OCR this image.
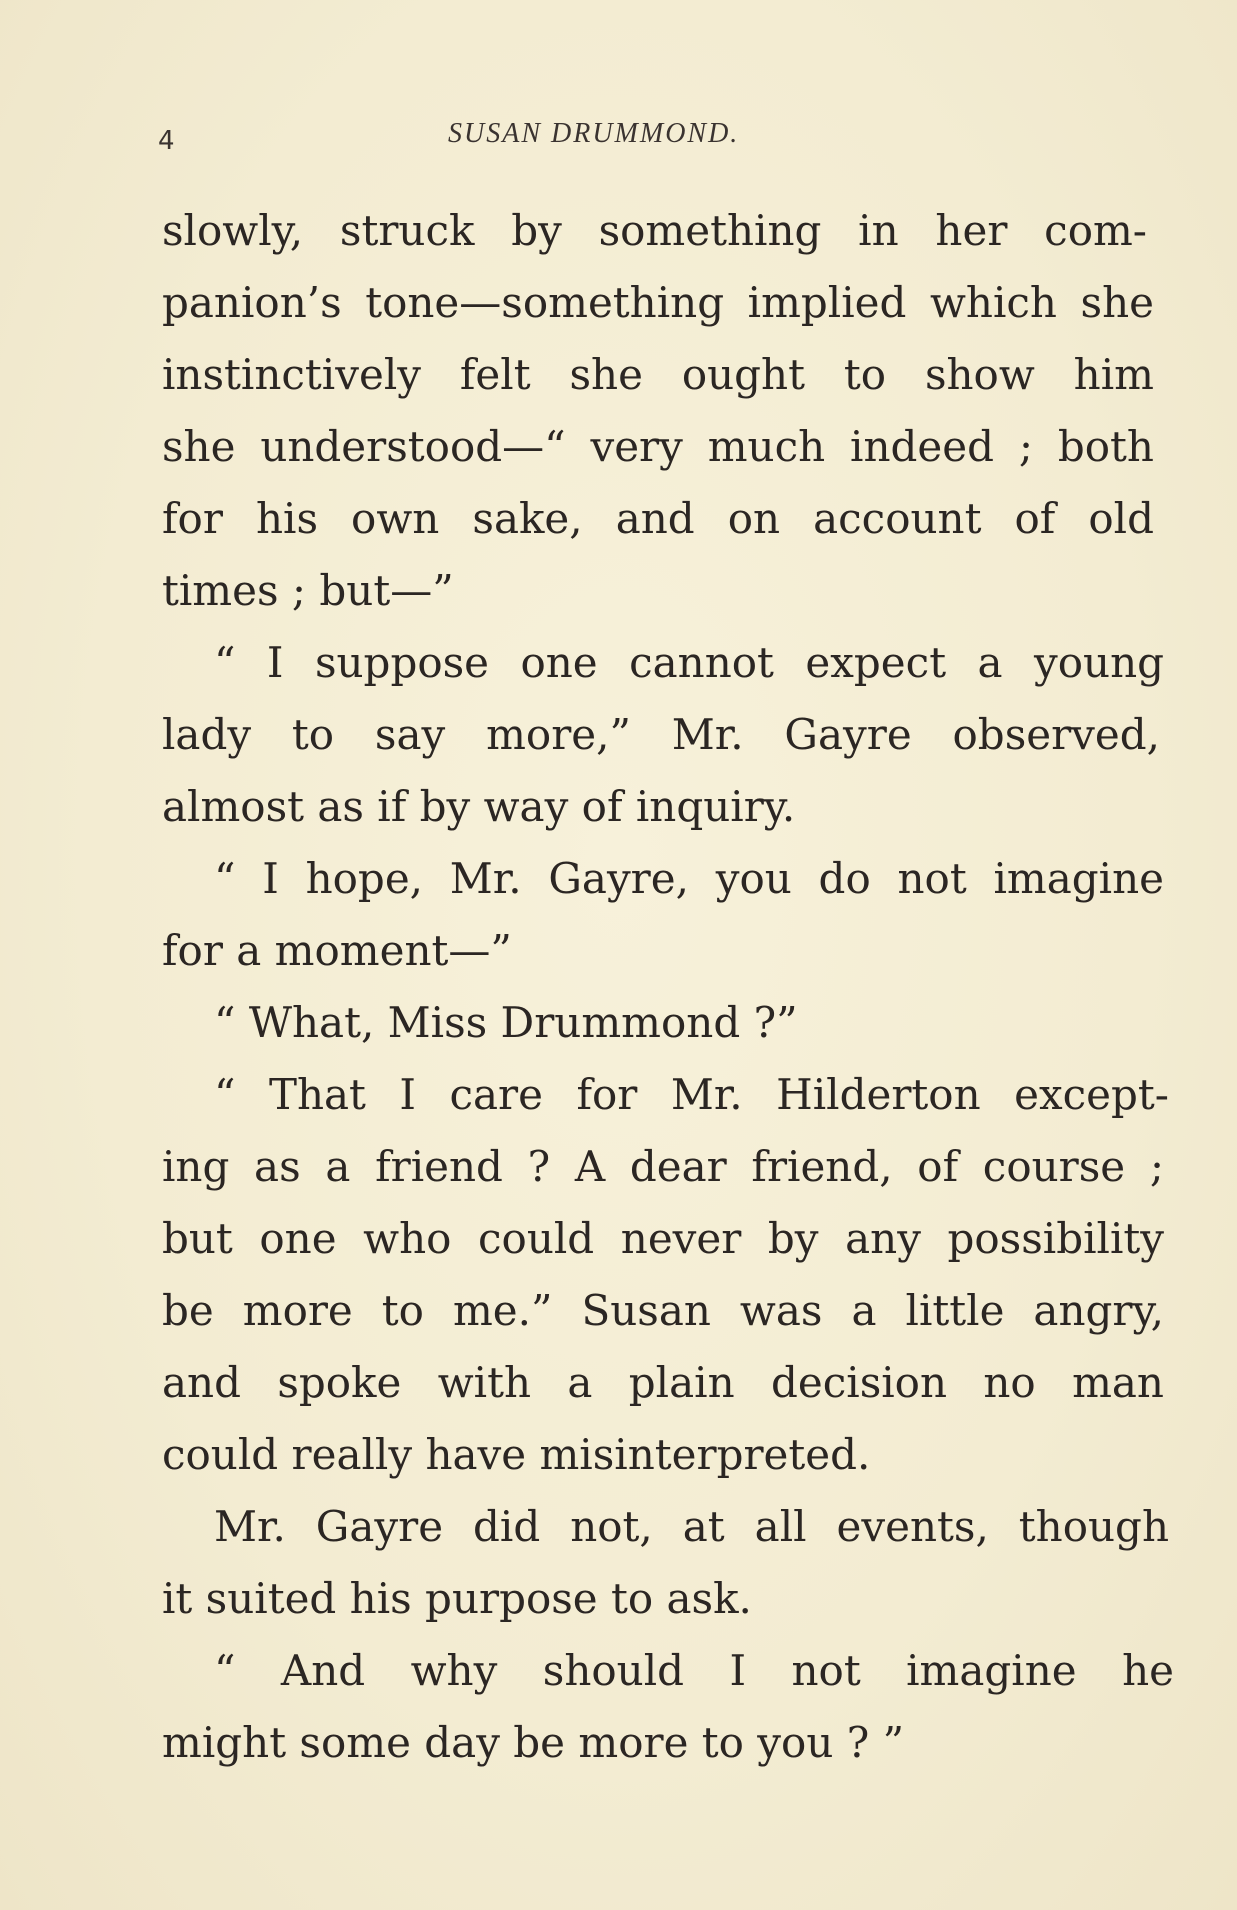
4	SUSAN DRUMMOND.
slowly, struck by something in her com-
panion’s tone—something implied which she
instinctively felt she ought to show him
she understood—“ very much indeed ; both
for his own sake, and on account of old
times ; but—”
“ I suppose one cannot expect a young
lady to say more,” Mr. Gayre observed,
almost as if by way of inquiry.
“ I hope, Mr. Gayre, you do not imagine
for a moment—”
“ What, Miss Drummond ?”
“ That I care for Mr. Hilderton except-
ing as a friend ? A dear friend, of course ;
but one who could never by any possibility
be more to me.” Susan was a little angry,
and spoke with a plain decision no man
could really have misinterpreted.
Mr. Gayre did not, at all events, though
it suited his purpose to ask.
“ And why should I not imagine he
might some day be more to you ? ”
